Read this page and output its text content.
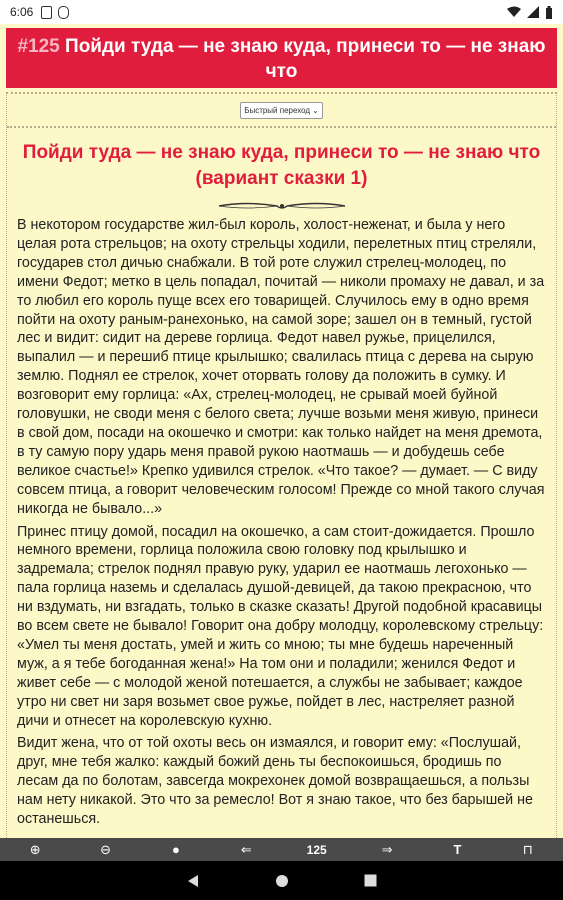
6:06
#125 Пойди туда — не знаю куда, принеси то — не знаю что
Быстрый переход ⌄
Пойди туда — не знаю куда, принеси то — не знаю что
(вариант сказки 1)

В некотором государстве жил-был король, холост-неженат, и была у него целая рота стрельцов; на охоту стрельцы ходили, перелетных птиц стреляли, государев стол дичью снабжали. В той роте служил стрелец-молодец, по имени Федот; метко в цель попадал, почитай — николи промаху не давал, и за то любил его король пуще всех его товарищей. Случилось ему в одно время пойти на охоту раным-ранехонько, на самой зоре; зашел он в темный, густой лес и видит: сидит на дереве горлица. Федот навел ружье, прицелился, выпалил — и перешиб птице крылышко; свалилась птица с дерева на сырую землю. Поднял ее стрелок, хочет оторвать голову да положить в сумку. И возговорит ему горлица: «Ах, стрелец-молодец, не срывай моей буйной головушки, не своди меня с белого света; лучше возьми меня живую, принеси в свой дом, посади на окошечко и смотри: как только найдет на меня дремота, в ту самую пору ударь меня правой рукою наотмашь — и добудешь себе великое счастье!» Крепко удивился стрелок. «Что такое? — думает. — С виду совсем птица, а говорит человеческим голосом! Прежде со мной такого случая никогда не бывало...»

Принес птицу домой, посадил на окошечко, а сам стоит-дожидается. Прошло немного времени, горлица положила свою головку под крылышко и задремала; стрелок поднял правую руку, ударил ее наотмашь легохонько — пала горлица наземь и сделалась душой-девицей, да такою прекрасною, что ни вздумать, ни взгадать, только в сказке сказать! Другой подобной красавицы во всем свете не бывало! Говорит она добру молодцу, королевскому стрельцу: «Умел ты меня достать, умей и жить со мною; ты мне будешь нареченный муж, а я тебе богоданная жена!» На том они и поладили; женился Федот и живет себе — с молодой женой потешается, а службы не забывает; каждое утро ни свет ни заря возьмет свое ружье, пойдет в лес, настреляет разной дичи и отнесет на королевскую кухню.

Видит жена, что от той охоты весь он измаялся, и говорит ему: «Послушай, друг, мне тебя жалко: каждый божий день ты беспокоишься, бродишь по лесам да по болотам, завсегда мокрехонек домой возвращаешься, а пользы нам нету никакой. Это что за ремесло! Вот я знаю такое, что без барышей не останешься.

⊕	⊖	●	⇐	125	⇒	T	⊓
